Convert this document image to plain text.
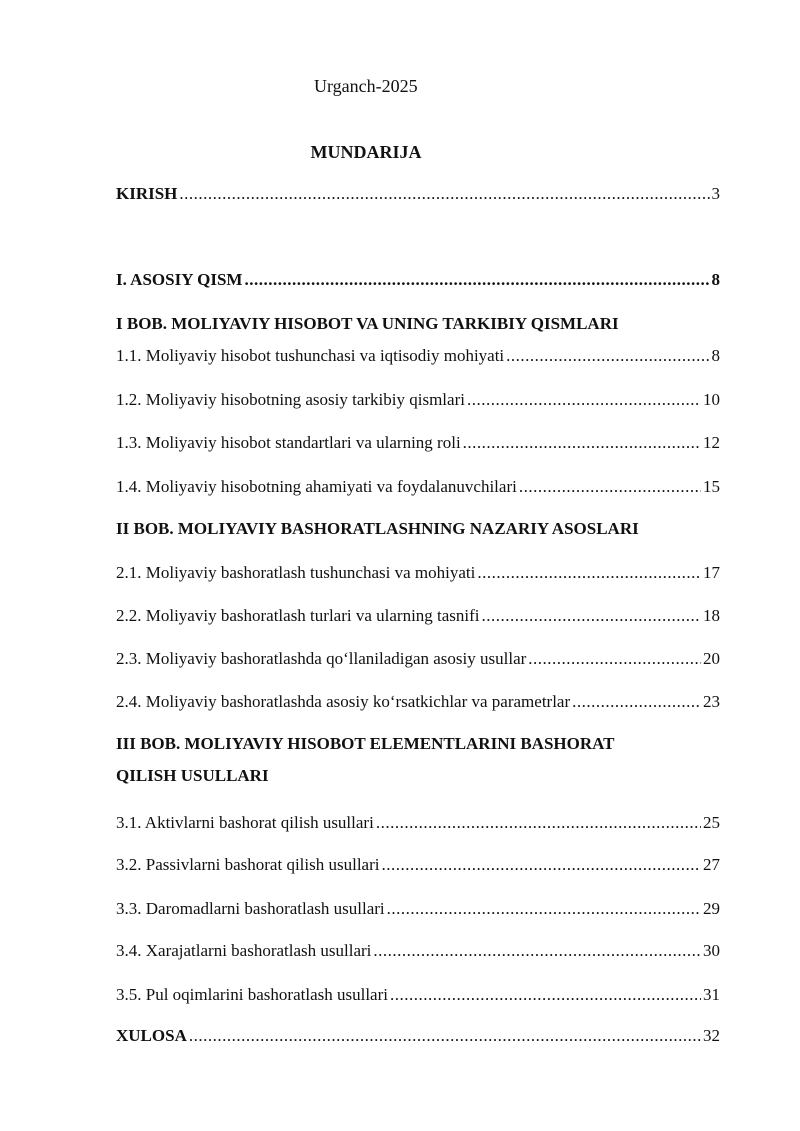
Urganch-2025
MUNDARIJA
KIRISH .....	3
I. ASOSIY QISM .....	8
I BOB. MOLIYAVIY HISOBOT VA UNING TARKIBIY QISMLARI
1.1. Moliyaviy hisobot tushunchasi va iqtisodiy mohiyati .....	8
1.2. Moliyaviy hisobotning asosiy tarkibiy qismlari .....	10
1.3. Moliyaviy hisobot standartlari va ularning roli .....	12
1.4. Moliyaviy hisobotning ahamiyati va foydalanuvchilari .....	15
II BOB. MOLIYAVIY BASHORATLASHNING NAZARIY ASOSLARI
2.1. Moliyaviy bashoratlash tushunchasi va mohiyati .....	17
2.2. Moliyaviy bashoratlash turlari va ularning tasnifi .....	18
2.3. Moliyaviy bashoratlashda qo‘llaniladigan asosiy usullar .....	20
2.4. Moliyaviy bashoratlashda asosiy ko‘rsatkichlar va parametrlar .....	23
III BOB. MOLIYAVIY HISOBOT ELEMENTLARINI BASHORAT
QILISH USULLARI
3.1. Aktivlarni bashorat qilish usullari .....	25
3.2. Passivlarni bashorat qilish usullari .....	27
3.3. Daromadlarni bashoratlash usullari .....	29
3.4. Xarajatlarni bashoratlash usullari .....	30
3.5. Pul oqimlarini bashoratlash usullari .....	31
XULOSA .....	32
